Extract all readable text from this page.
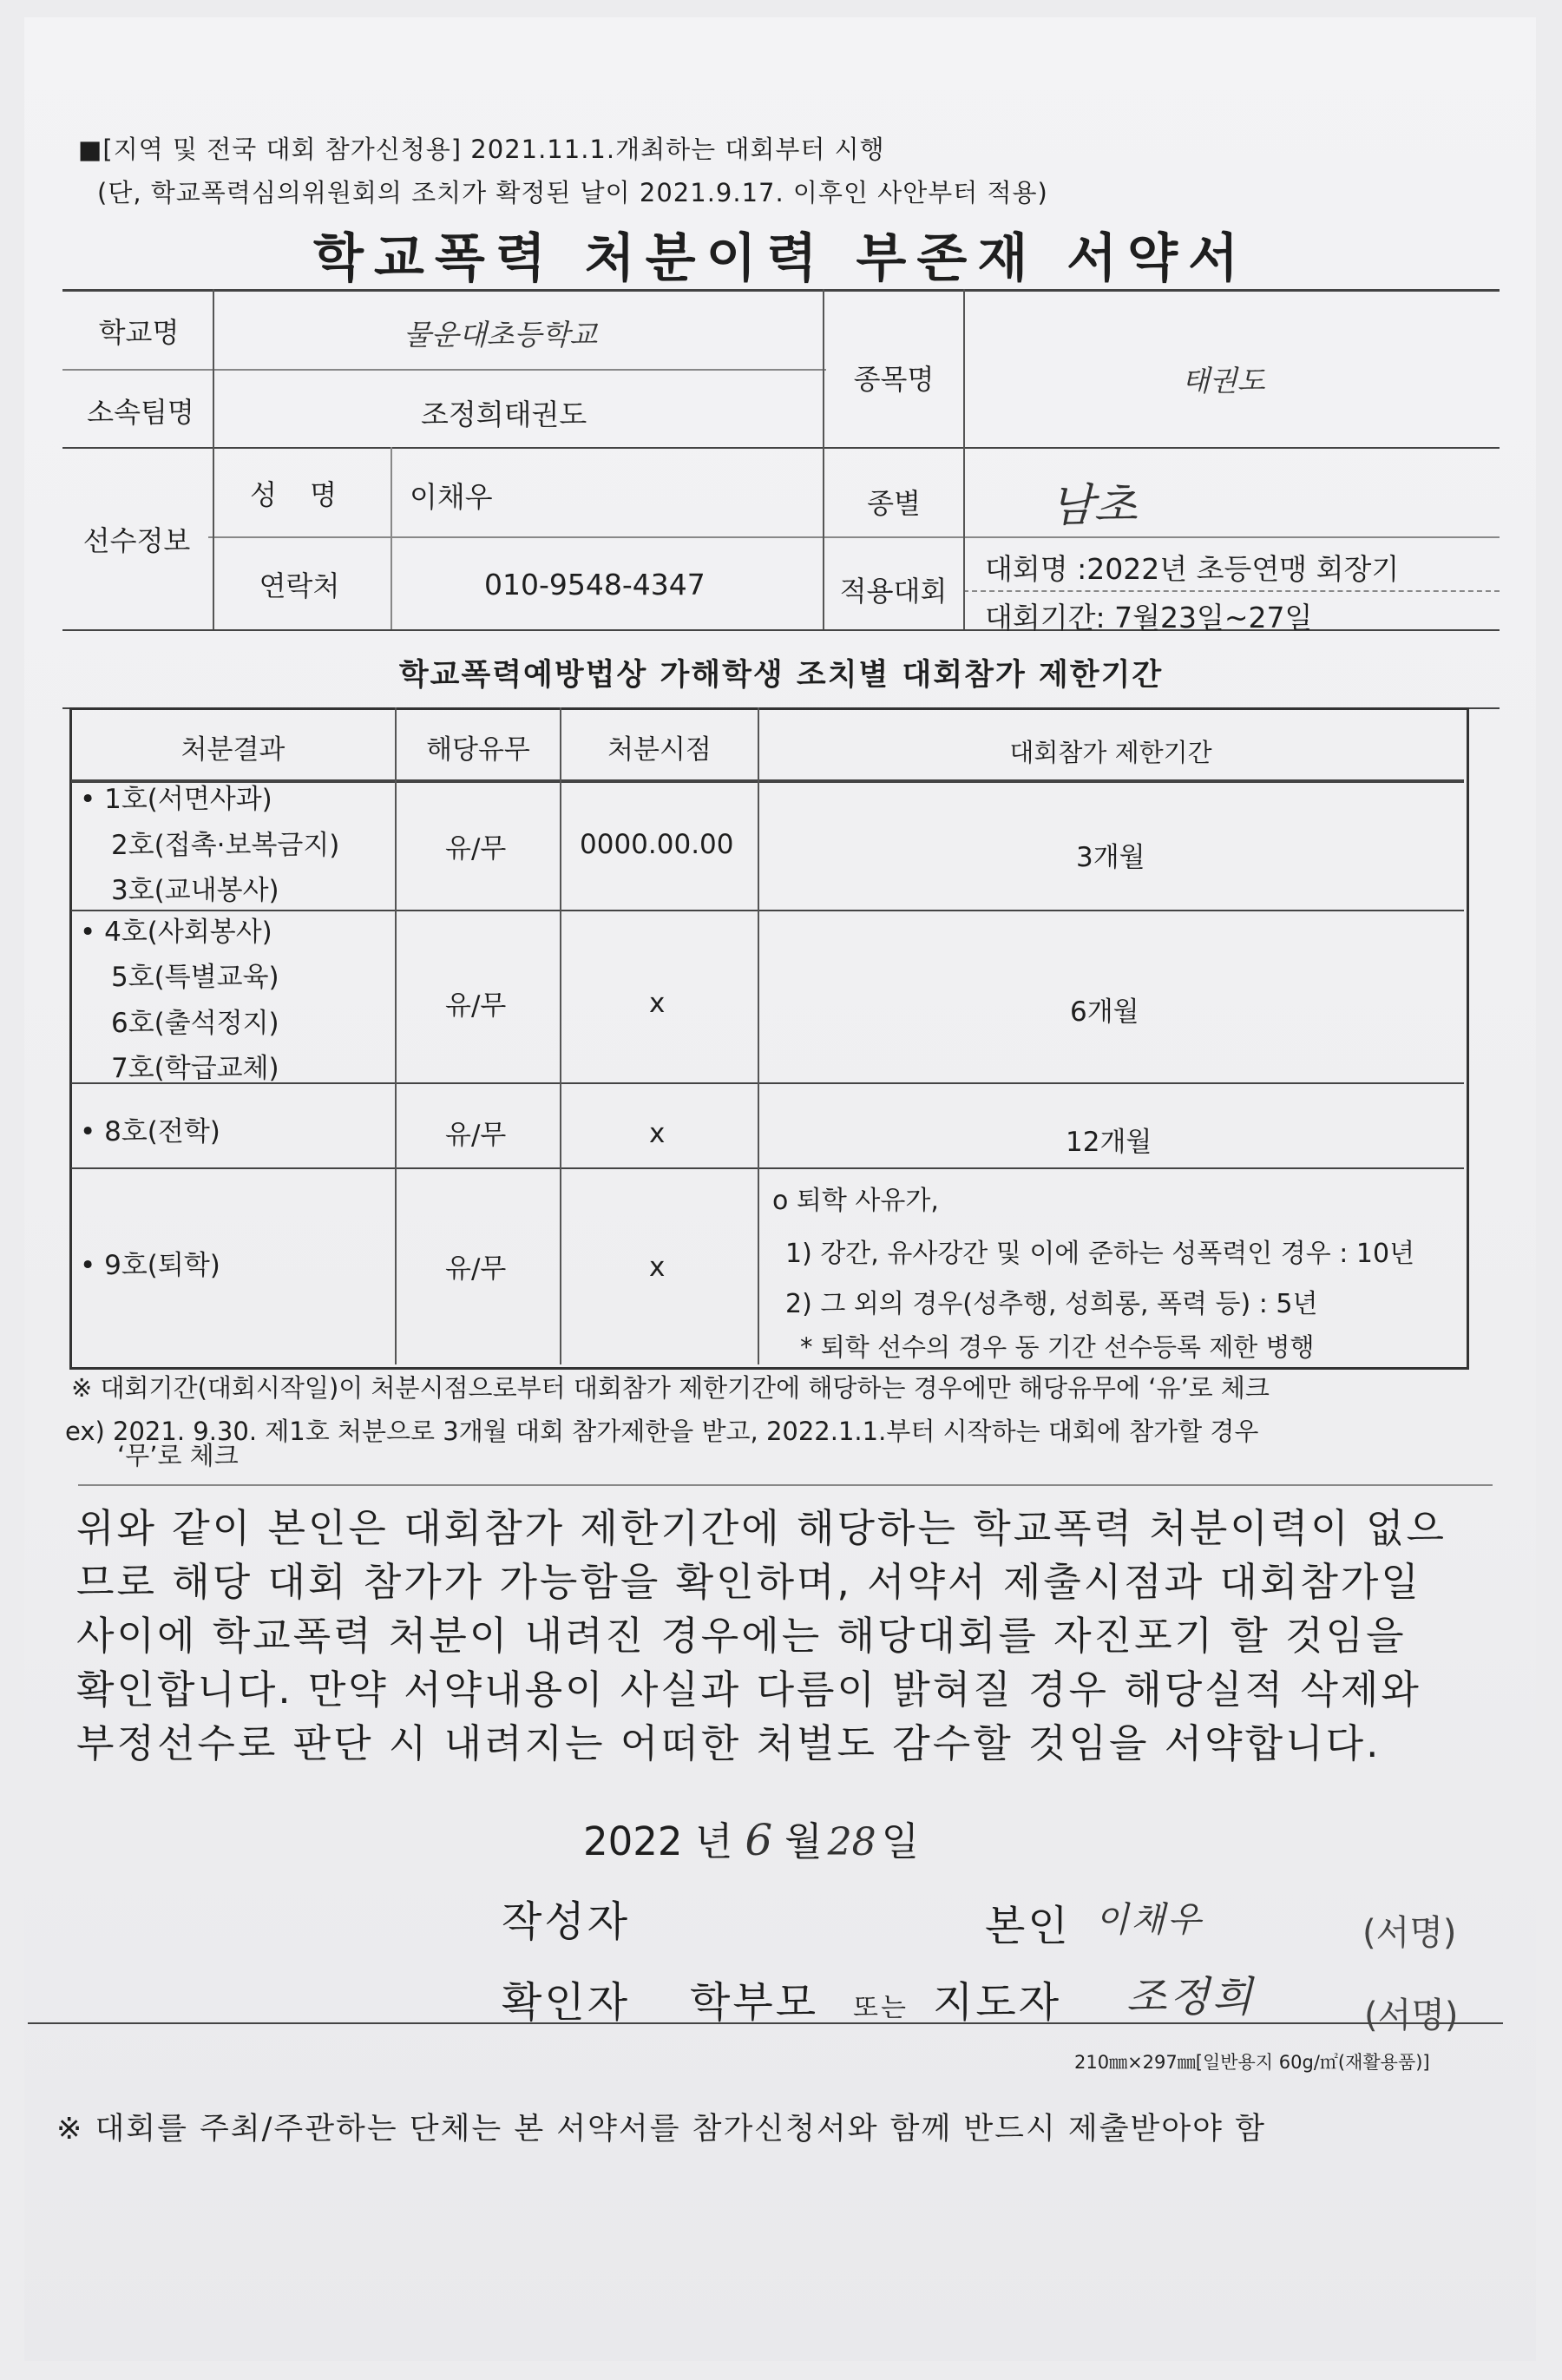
■[지역 및 전국 대회 참가신청용] 2021.11.1.개최하는 대회부터 시행
(단, 학교폭력심의위원회의 조치가 확정된 날이 2021.9.17. 이후인 사안부터 적용)
학교폭력 처분이력 부존재 서약서
학교명	물운대초등학교
소속팀명	조정희태권도
종목명	태권도
선수정보
성 명 이채우	종별	남초
연락처	010-9548-4347	적용대회
대회명 :2022년 초등연맹 회장기
대회기간: 7월23일~27일
학교폭력예방법상 가해학생 조치별 대회참가 제한기간
처분결과	해당유무	처분시점	대회참가 제한기간
• 1호(서면사과)
2호(접촉·보복금지)
3호(교내봉사)
유/무	0000.00.00	3개월
• 4호(사회봉사)
5호(특별교육)
6호(출석정지)
7호(학급교체)
유/무	x	6개월
• 8호(전학)	유/무	x	12개월
• 9호(퇴학)	유/무	x
o 퇴학 사유가,
1) 강간, 유사강간 및 이에 준하는 성폭력인 경우 : 10년
2) 그 외의 경우(성추행, 성희롱, 폭력 등) : 5년
* 퇴학 선수의 경우 동 기간 선수등록 제한 병행
※ 대회기간(대회시작일)이 처분시점으로부터 대회참가 제한기간에 해당하는 경우에만 해당유무에 ‘유’로 체크
ex) 2021. 9.30. 제1호 처분으로 3개월 대회 참가제한을 받고, 2022.1.1.부터 시작하는 대회에 참가할 경우
‘무’로 체크

위와 같이 본인은 대회참가 제한기간에 해당하는 학교폭력 처분이력이 없으

므로 해당 대회 참가가 가능함을 확인하며, 서약서 제출시점과 대회참가일

사이에 학교폭력 처분이 내려진 경우에는 해당대회를 자진포기 할 것임을

확인합니다. 만약 서약내용이 사실과 다름이 밝혀질 경우 해당실적 삭제와

부정선수로 판단 시 내려지는 어떠한 처벌도 감수할 것임을 서약합니다.

2022 년 6 월 28 일
작성자	본인 이채우	(서명)
확인자 학부모 또는 지도자 조정희	(서명)
210㎜×297㎜[일반용지 60g/㎡(재활용품)]
※ 대회를 주최/주관하는 단체는 본 서약서를 참가신청서와 함께 반드시 제출받아야 함
